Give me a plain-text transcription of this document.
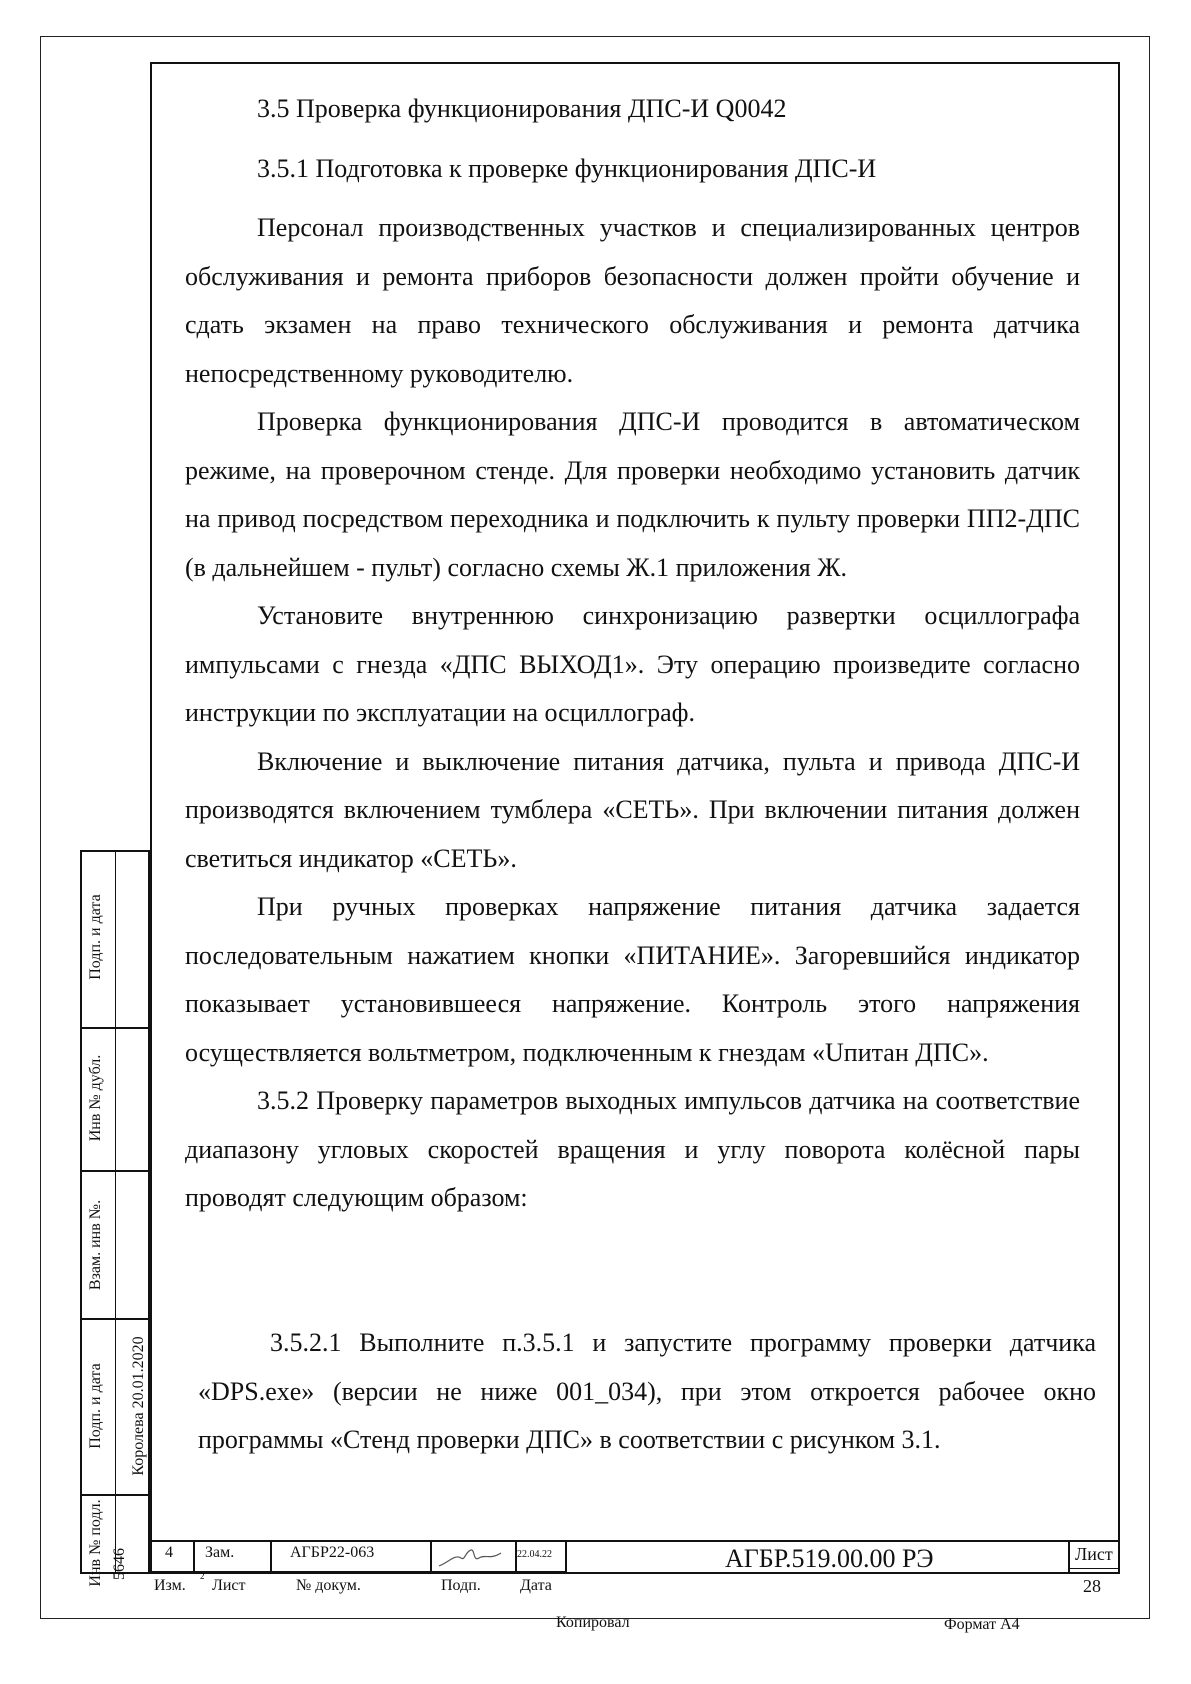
Подп. и дата
Инв № дубл.
Взам. инв №.
Подп. и дата	Королева 20.01.2020
Инв № подл. 5646

3.5 Проверка функционирования ДПС-И Q0042

3.5.1 Подготовка к проверке функционирования ДПС-И

Персонал производственных участков и специализированных центров обслуживания и ремонта приборов безопасности должен пройти обучение и сдать экзамен на право технического обслуживания и ремонта датчика непосредственному руководителю.

Проверка функционирования ДПС-И проводится в автоматическом режиме, на проверочном стенде. Для проверки необходимо установить датчик на привод посредством переходника и подключить к пульту проверки ПП2-ДПС (в дальнейшем - пульт) согласно схемы Ж.1 приложения Ж.

Установите внутреннюю синхронизацию развертки осциллографа импульсами с гнезда «ДПС ВЫХОД1». Эту операцию произведите согласно инструкции по эксплуатации на осциллограф.

Включение и выключение питания датчика, пульта и привода ДПС-И производятся включением тумблера «СЕТЬ». При включении питания должен светиться индикатор «СЕТЬ».

При ручных проверках напряжение питания датчика задается последовательным нажатием кнопки «ПИТАНИЕ». Загоревшийся индикатор показывает установившееся напряжение. Контроль этого напряжения осуществляется вольтметром, подключенным к гнездам «Uпитан ДПС».

3.5.2 Проверку параметров выходных импульсов датчика на соответствие диапазону угловых скоростей вращения и углу поворота колёсной пары проводят следующим образом:

3.5.2.1 Выполните п.3.5.1 и запустите программу проверки датчика «DPS.exe» (версии не ниже 001_034), при этом откроется рабочее окно программы «Стенд проверки ДПС» в соответствии с рисунком 3.1.

4 Зам.	АГБР22-063	22.04.22
2
Изм. Лист	№ докум.	Подп. Дата
АГБР.519.00.00 РЭ	Лист
28
Копировал	Формат А4
